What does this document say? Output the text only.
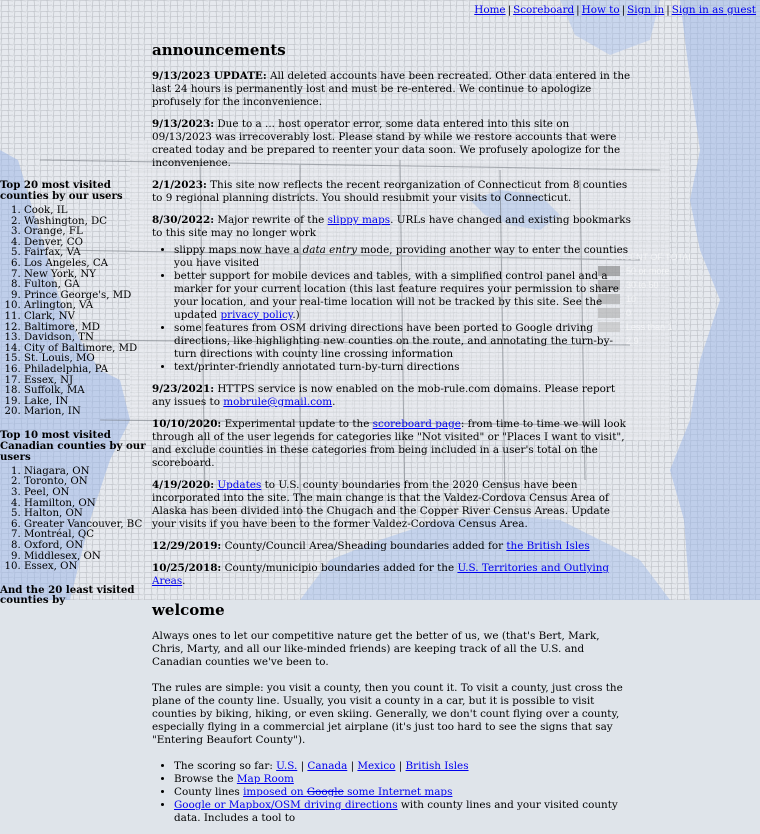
PERCENT OF TOTAL
50 or more
30 to 50
10
0
Less than 1
2.9
Home | Scoreboard | How to | Sign in | Sign in as guest
Top 20 most visited counties by our users
1. Cook, IL
2. Washington, DC
3. Orange, FL
4. Denver, CO
5. Fairfax, VA
6. Los Angeles, CA
7. New York, NY
8. Fulton, GA
9. Prince George's, MD
10. Arlington, VA
11. Clark, NV
12. Baltimore, MD
13. Davidson, TN
14. City of Baltimore, MD
15. St. Louis, MO
16. Philadelphia, PA
17. Essex, NJ
18. Suffolk, MA
19. Lake, IN
20. Marion, IN
Top 10 most visited Canadian counties by our users
1. Niagara, ON
2. Toronto, ON
3. Peel, ON
4. Hamilton, ON
5. Halton, ON
6. Greater Vancouver, BC
7. Montréal, QC
8. Oxford, ON
9. Middlesex, ON
10. Essex, ON
And the 20 least visited counties by
announcements

9/13/2023 UPDATE: All deleted accounts have been recreated. Other data entered in the last 24 hours is permanently lost and must be re-entered. We continue to apologize profusely for the inconvenience.

9/13/2023: Due to a ... host operator error, some data entered into this site on 09/13/2023 was irrecoverably lost. Please stand by while we restore accounts that were created today and be prepared to reenter your data soon. We profusely apologize for the inconvenience.

2/1/2023: This site now reflects the recent reorganization of Connecticut from 8 counties to 9 regional planning districts. You should resubmit your visits to Connecticut.

8/30/2022: Major rewrite of the slippy maps. URLs have changed and existing bookmarks to this site may no longer work

• slippy maps now have a data entry mode, providing another way to enter the counties you have visited
• better support for mobile devices and tables, with a simplified control panel and a marker for your current location (this last feature requires your permission to share your location, and your real-time location will not be tracked by this site. See the updated privacy policy.)
• some features from OSM driving directions have been ported to Google driving directions, like highlighting new counties on the route, and annotating the turn-by-turn directions with county line crossing information
• text/printer-friendly annotated turn-by-turn directions

9/23/2021: HTTPS service is now enabled on the mob-rule.com domains. Please report any issues to mobrule@gmail.com.

10/10/2020: Experimental update to the scoreboard page: from time to time we will look through all of the user legends for categories like "Not visited" or "Places I want to visit", and exclude counties in these categories from being included in a user's total on the scoreboard.

4/19/2020: Updates to U.S. county boundaries from the 2020 Census have been incorporated into the site. The main change is that the Valdez-Cordova Census Area of Alaska has been divided into the Chugach and the Copper River Census Areas. Update your visits if you have been to the former Valdez-Cordova Census Area.

12/29/2019: County/Council Area/Sheading boundaries added for the British Isles

10/25/2018: County/municipio boundaries added for the U.S. Territories and Outlying Areas.

welcome

Always ones to let our competitive nature get the better of us, we (that's Bert, Mark, Chris, Marty, and all our like-minded friends) are keeping track of all the U.S. and Canadian counties we've been to.

The rules are simple: you visit a county, then you count it. To visit a county, just cross the plane of the county line. Usually, you visit a county in a car, but it is possible to visit counties by biking, hiking, or even skiing. Generally, we don't count flying over a county, especially flying in a commercial jet airplane (it's just too hard to see the signs that say "Entering Beaufort County").

• The scoring so far: U.S. | Canada | Mexico | British Isles
• Browse the Map Room
• County lines imposed on Google some Internet maps
• Google or Mapbox/OSM driving directions with county lines and your visited county data. Includes a tool to
